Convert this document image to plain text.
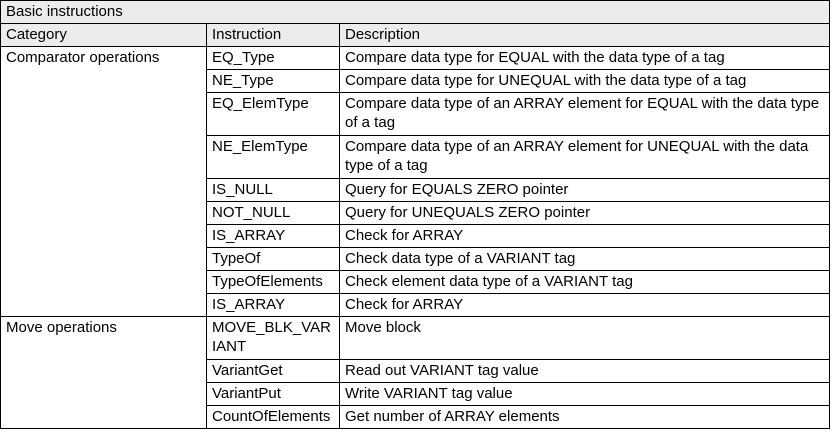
Basic instructions		
Category	Instruction	Description
Comparator operations	EQ_Type	Compare data type for EQUAL with the data type of a tag
	NE_Type	Compare data type for UNEQUAL with the data type of a tag
	EQ_ElemType	Compare data type of an ARRAY element for EQUAL with the data type of a tag
	NE_ElemType	Compare data type of an ARRAY element for UNEQUAL with the data type of a tag
	IS_NULL	Query for EQUALS ZERO pointer
	NOT_NULL	Query for UNEQUALS ZERO pointer
	IS_ARRAY	Check for ARRAY
	TypeOf	Check data type of a VARIANT tag
	TypeOfElements	Check element data type of a VARIANT tag
	IS_ARRAY	Check for ARRAY
Move operations	MOVE_BLK_VAR IANT	Move block
	VariantGet	Read out VARIANT tag value
	VariantPut	Write VARIANT tag value
	CountOfElements	Get number of ARRAY elements
